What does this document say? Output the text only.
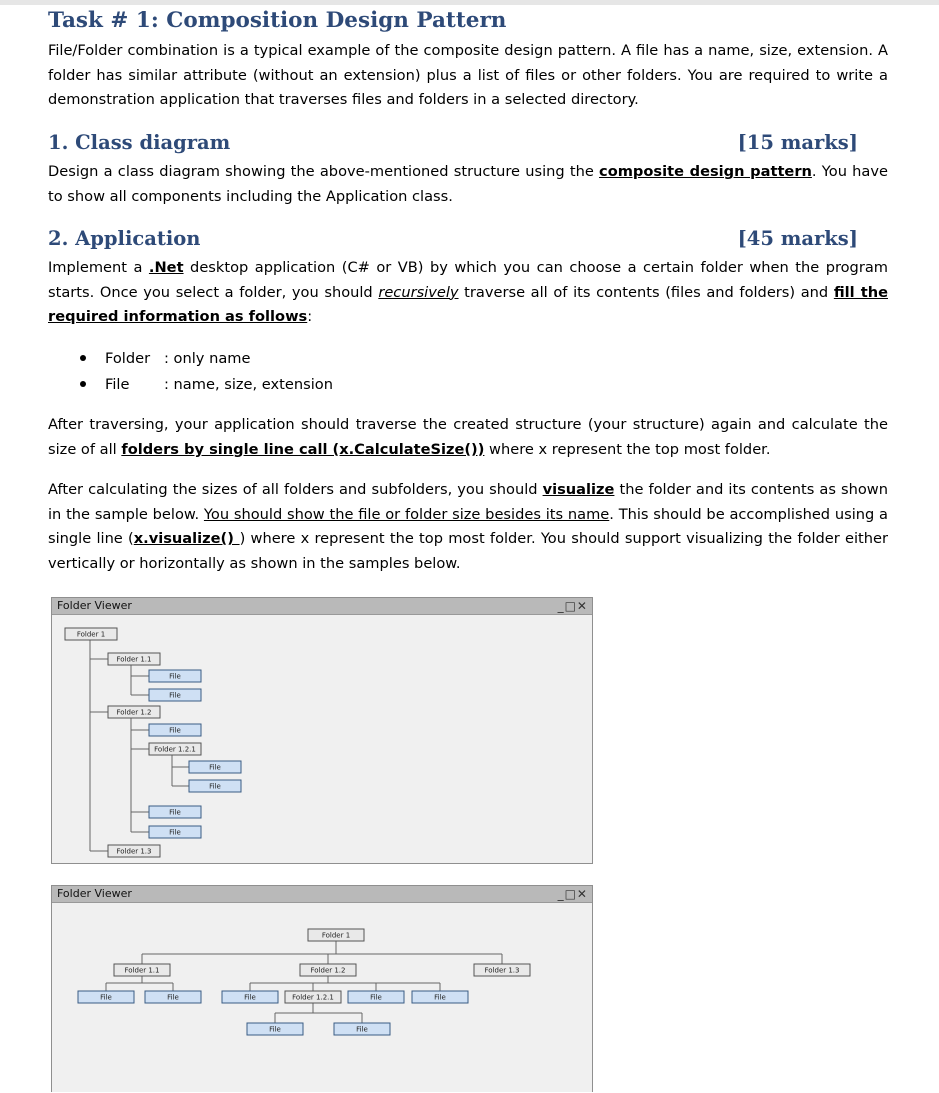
Task # 1: Composition Design Pattern
File/Folder combination is a typical example of the composite design pattern. A file has a name, size, extension. A folder has similar attribute (without an extension) plus a list of files or other folders. You are required to write a demonstration application that traverses files and folders in a selected directory.
1. Class diagram	[15 marks]
Design a class diagram showing the above-mentioned structure using the composite design pattern. You have to show all components including the Application class.
2. Application	[45 marks]
Implement a .Net desktop application (C# or VB) by which you can choose a certain folder when the program starts. Once you select a folder, you should recursively traverse all of its contents (files and folders) and fill the required information as follows:
Folder : only name
File : name, size, extension
After traversing, your application should traverse the created structure (your structure) again and calculate the size of all folders by single line call (x.CalculateSize()) where x represent the top most folder.
After calculating the sizes of all folders and subfolders, you should visualize the folder and its contents as shown in the sample below. You should show the file or folder size besides its name. This should be accomplished using a single line (x.visualize() ) where x represent the top most folder. You should support visualizing the folder either vertically or horizontally as shown in the samples below.
Folder Viewer	_□✕
Folder 1
Folder 1.1
File
File
Folder 1.2
File
Folder 1.2.1
File
File
File
File
Folder 1.3
Folder Viewer	_□✕
Folder 1
Folder 1.1	Folder 1.2	Folder 1.3
File	File	File	Folder 1.2.1	File	File
File	File
